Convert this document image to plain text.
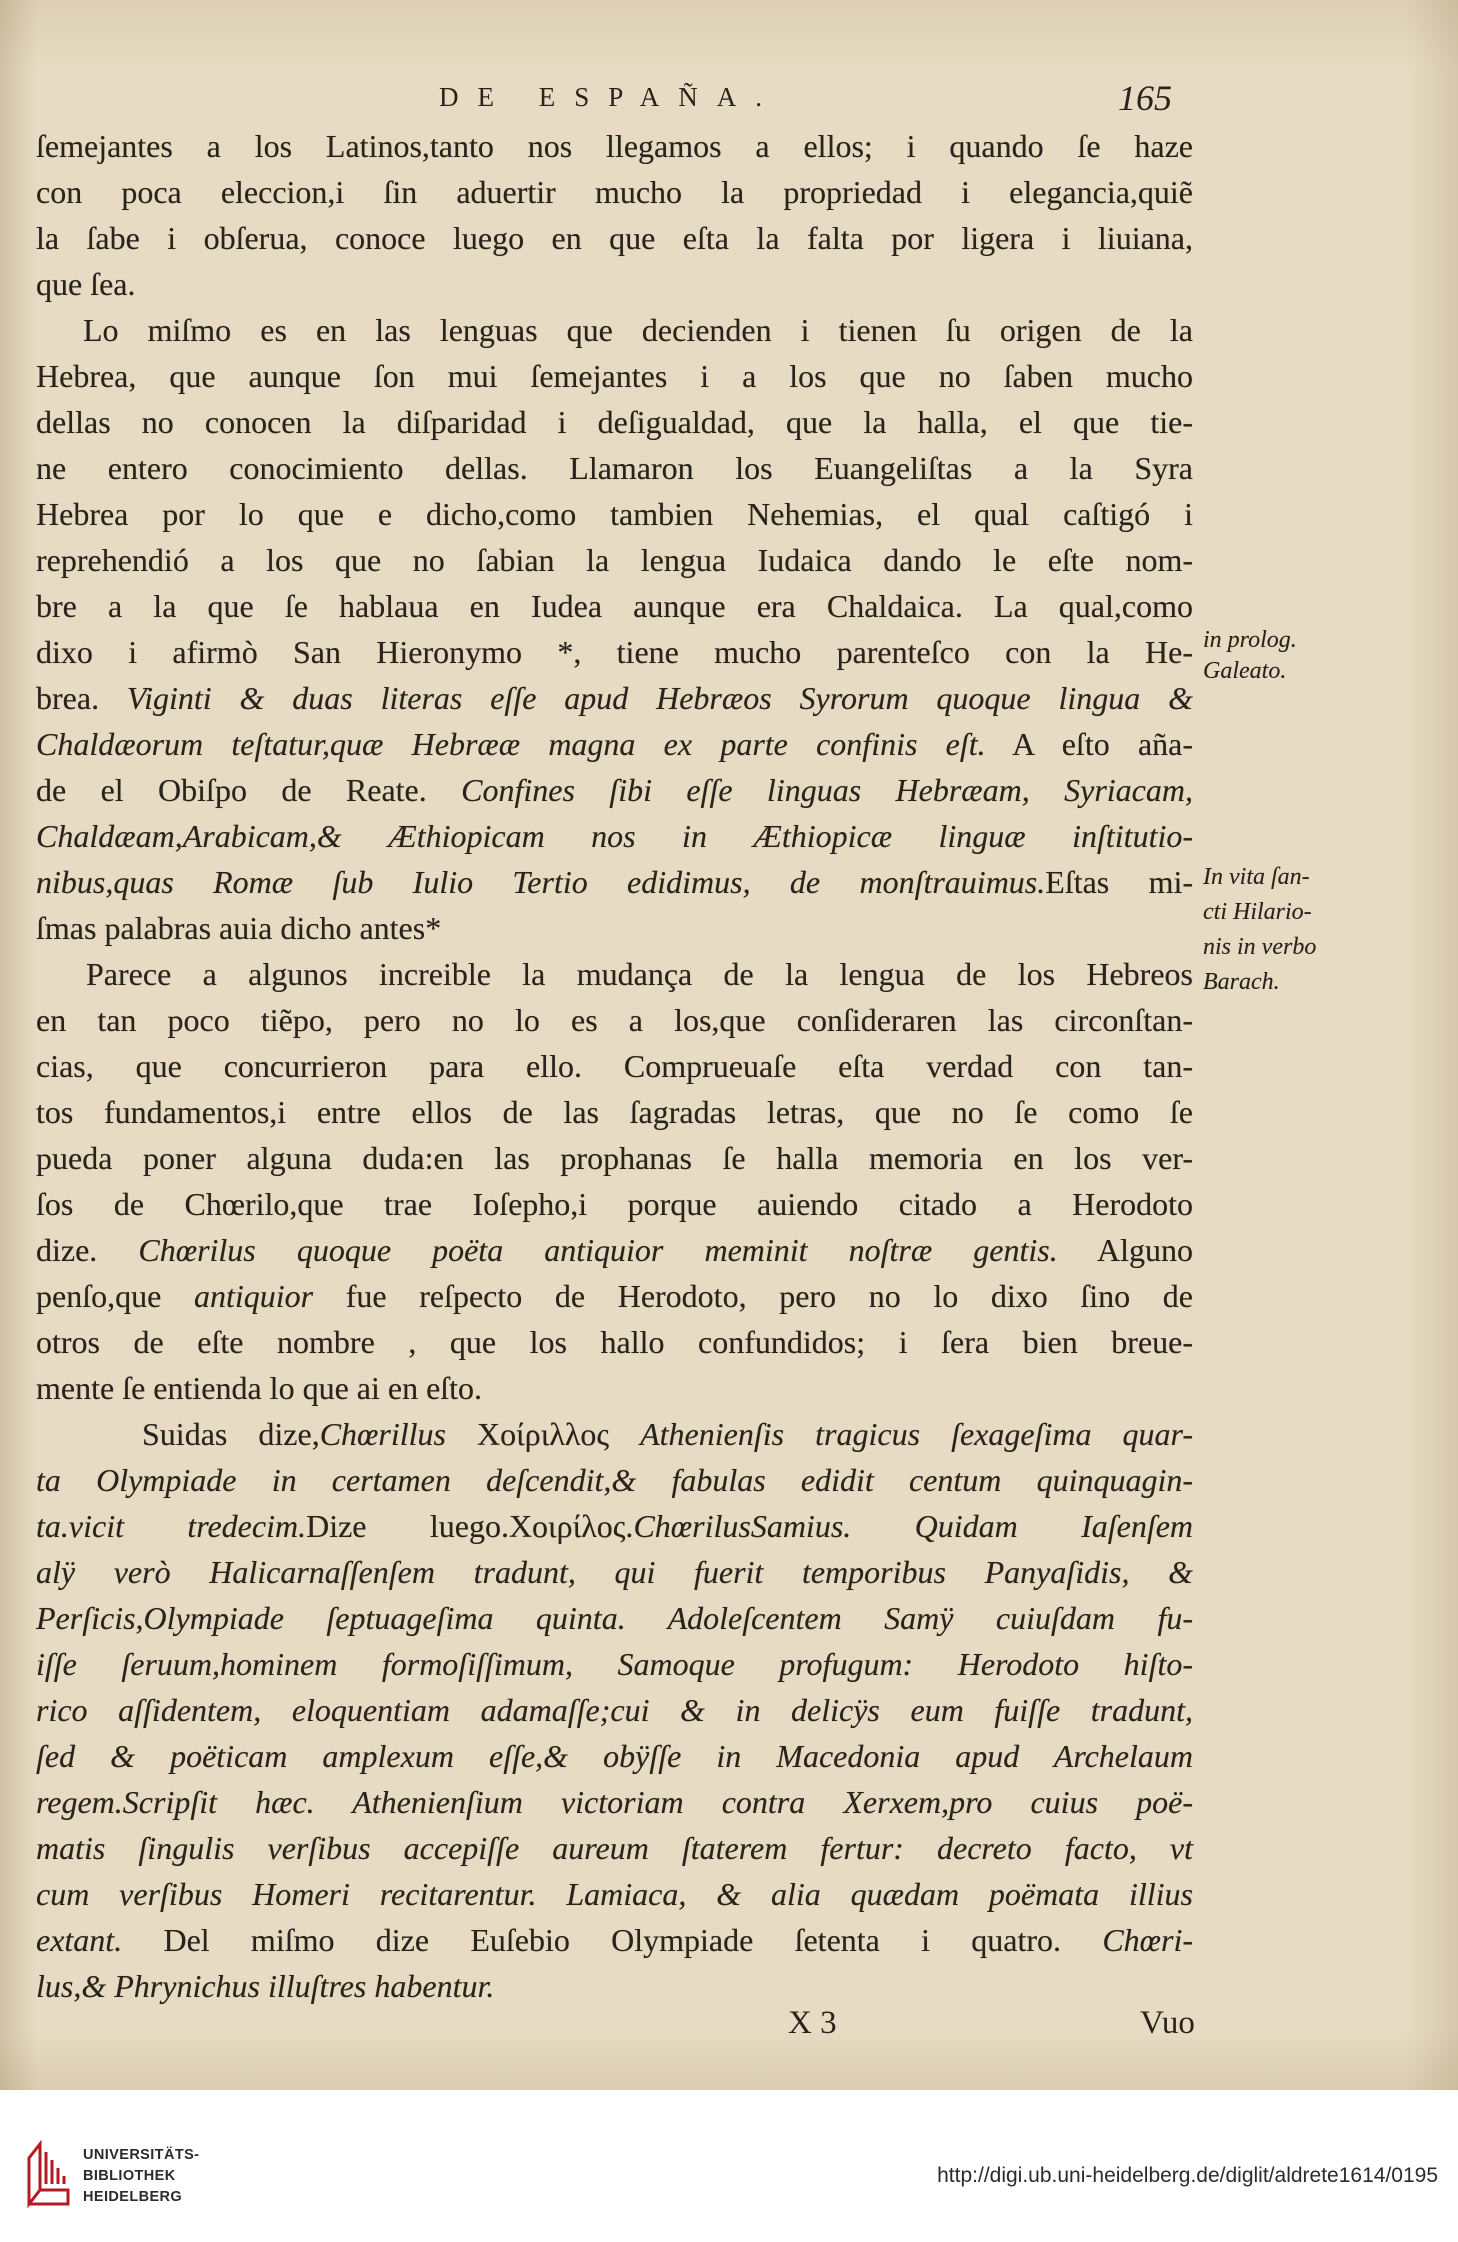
DE ESPAÑA.	165
ſemejantes a los Latinos,tanto nos llegamos a ellos; i quando ſe haze
con poca eleccion,i ſin aduertir mucho la propriedad i elegancia,quiẽ
la ſabe i obſerua, conoce luego en que eſta la falta por ligera i liuiana,
que ſea.
Lo miſmo es en las lenguas que decienden i tienen ſu origen de la
Hebrea, que aunque ſon mui ſemejantes i a los que no ſaben mucho
dellas no conocen la diſparidad i deſigualdad, que la halla, el que tie-
ne entero conocimiento dellas. Llamaron los Euangeliſtas a la Syra
Hebrea por lo que e dicho,como tambien Nehemias, el qual caſtigó i
reprehendió a los que no ſabian la lengua Iudaica dando le eſte nom-
bre a la que ſe hablaua en Iudea aunque era Chaldaica. La qual,como
dixo i afirmò San Hieronymo *, tiene mucho parenteſco con la He-
brea. Viginti & duas literas eſſe apud Hebræos Syrorum quoque lingua &
Chaldæorum teſtatur,quæ Hebrææ magna ex parte confinis eſt. A eſto aña-
de el Obiſpo de Reate. Confines ſibi eſſe linguas Hebræam, Syriacam,
Chaldæam,Arabicam,& Æthiopicam nos in Æthiopicæ linguæ inſtitutio-
nibus,quas Romæ ſub Iulio Tertio edidimus, de monſtrauimus.Eſtas mi-
ſmas palabras auia dicho antes*
Parece a algunos increible la mudança de la lengua de los Hebreos
en tan poco tiẽpo, pero no lo es a los,que conſideraren las circonſtan-
cias, que concurrieron para ello. Comprueuaſe eſta verdad con tan-
tos fundamentos,i entre ellos de las ſagradas letras, que no ſe como ſe
pueda poner alguna duda:en las prophanas ſe halla memoria en los ver-
ſos de Chœrilo,que trae Ioſepho,i porque auiendo citado a Herodoto
dize. Chœrilus quoque poëta antiquior meminit noſtræ gentis. Alguno
penſo,que antiquior fue reſpecto de Herodoto, pero no lo dixo ſino de
otros de eſte nombre , que los hallo confundidos; i ſera bien breue-
mente ſe entienda lo que ai en eſto.
Suidas dize,Chœrillus Χοίριλλος Athenienſis tragicus ſexageſima quar-
ta Olympiade in certamen deſcendit,& fabulas edidit centum quinquagin-
ta.vicit tredecim.Dize luego.Χοιρίλος.ChœrilusSamius. Quidam Iaſenſem
alÿ verò Halicarnaſſenſem tradunt, qui fuerit temporibus Panyaſidis, &
Perſicis,Olympiade ſeptuageſima quinta. Adoleſcentem Samÿ cuiuſdam fu-
iſſe ſeruum,hominem formoſiſſimum, Samoque profugum: Herodoto hiſto-
rico aſſidentem, eloquentiam adamaſſe;cui & in delicÿs eum fuiſſe tradunt,
ſed & poëticam amplexum eſſe,& obÿſſe in Macedonia apud Archelaum
regem.Scripſit hæc. Athenienſium victoriam contra Xerxem,pro cuius poë-
matis ſingulis verſibus accepiſſe aureum ſtaterem fertur: decreto facto, vt
cum verſibus Homeri recitarentur. Lamiaca, & alia quædam poëmata illius
extant. Del miſmo dize Euſebio Olympiade ſetenta i quatro. Chœri-
lus,& Phrynichus illuſtres habentur.
in prolog.
Galeato.
In vita ſan-
cti Hilario-
nis in verbo
Barach.
X 3	Vuo
UNIVERSITÄTS-
BIBLIOTHEK
HEIDELBERG
http://digi.ub.uni-heidelberg.de/diglit/aldrete1614/0195
